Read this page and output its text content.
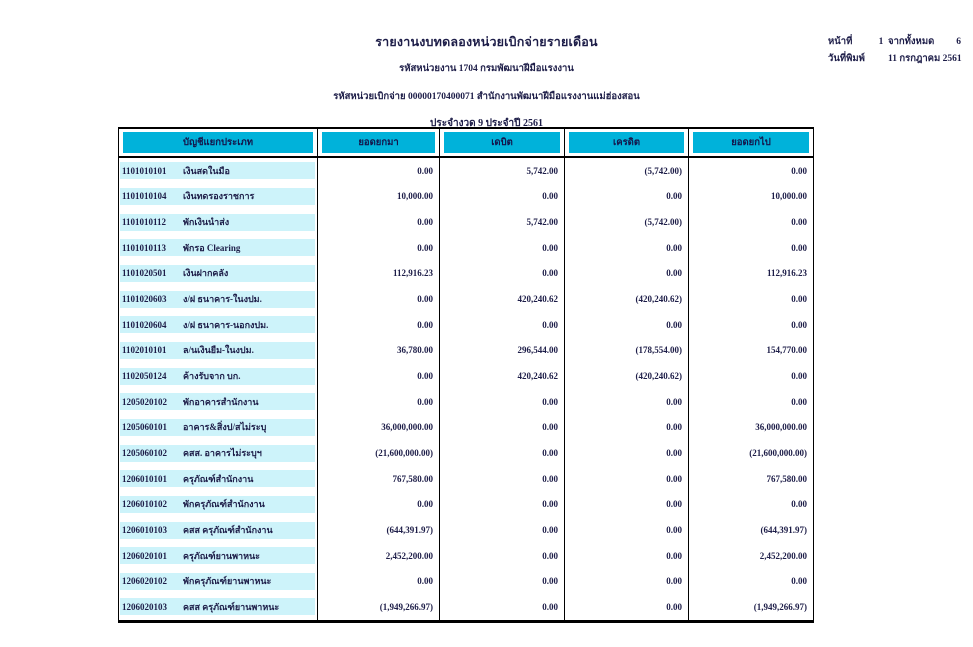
รายงานงบทดลองหน่วยเบิกจ่ายรายเดือน
รหัสหน่วยงาน 1704 กรมพัฒนาฝีมือแรงงาน
รหัสหน่วยเบิกจ่าย 00000170400071 สำนักงานพัฒนาฝีมือแรงงานแม่ฮ่องสอน
ประจำงวด 9 ประจำปี 2561
หน้าที่	1 จากทั้งหมด 6
วันที่พิมพ์	11 กรกฎาคม 2561
บัญชีแยกประเภท	ยอดยกมา	เดบิต	เครดิต	ยอดยกไป
1101010101	เงินสดในมือ	0.00	5,742.00	(5,742.00)	0.00
1101010104	เงินทดรองราชการ	10,000.00	0.00	0.00	10,000.00
1101010112	พักเงินนำส่ง	0.00	5,742.00	(5,742.00)	0.00
1101010113	พักรอ Clearing	0.00	0.00	0.00	0.00
1101020501	เงินฝากคลัง	112,916.23	0.00	0.00	112,916.23
1101020603	ง/ฝ ธนาคาร-ในงปม.	0.00	420,240.62	(420,240.62)	0.00
1101020604	ง/ฝ ธนาคาร-นอกงปม.	0.00	0.00	0.00	0.00
1102010101	ล/นเงินยืม-ในงปม.	36,780.00	296,544.00	(178,554.00)	154,770.00
1102050124	ค้างรับจาก บก.	0.00	420,240.62	(420,240.62)	0.00
1205020102	พักอาคารสำนักงาน	0.00	0.00	0.00	0.00
1205060101	อาคาร&สิ่งป/สไม่ระบุ	36,000,000.00	0.00	0.00	36,000,000.00
1205060102	คสส. อาคารไม่ระบุฯ	(21,600,000.00)	0.00	0.00	(21,600,000.00)
1206010101	ครุภัณฑ์สำนักงาน	767,580.00	0.00	0.00	767,580.00
1206010102	พักครุภัณฑ์สำนักงาน	0.00	0.00	0.00	0.00
1206010103	คสส ครุภัณฑ์สำนักงาน	(644,391.97)	0.00	0.00	(644,391.97)
1206020101	ครุภัณฑ์ยานพาหนะ	2,452,200.00	0.00	0.00	2,452,200.00
1206020102	พักครุภัณฑ์ยานพาหนะ	0.00	0.00	0.00	0.00
1206020103	คสส ครุภัณฑ์ยานพาหนะ	(1,949,266.97)	0.00	0.00	(1,949,266.97)
